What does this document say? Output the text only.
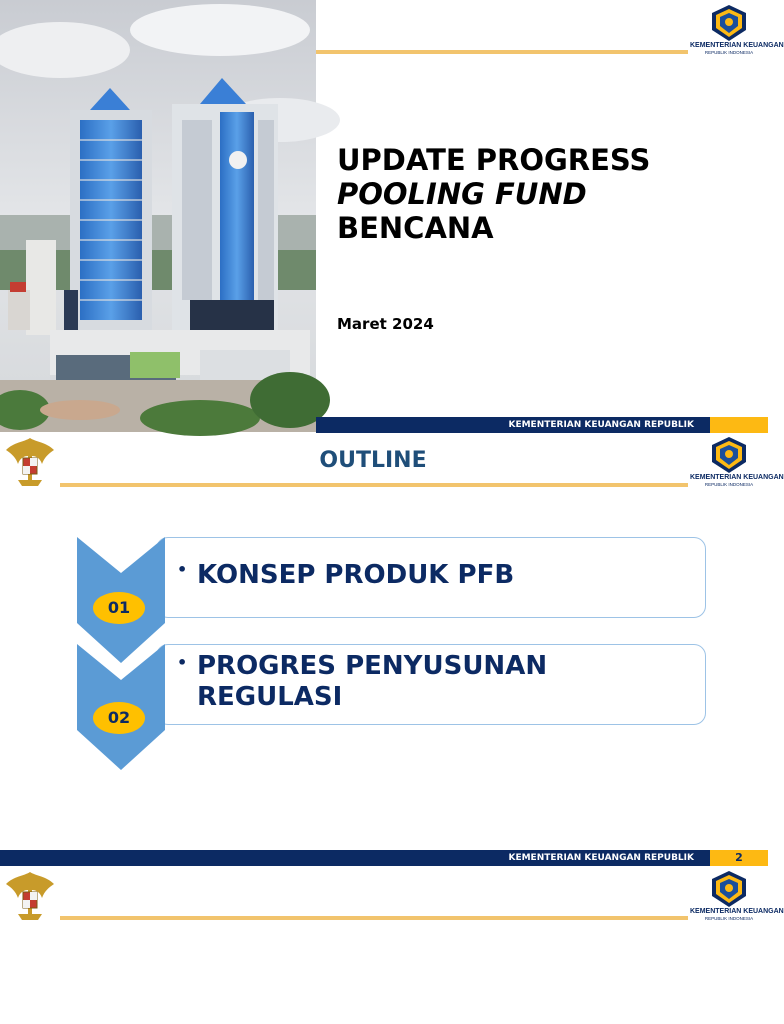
KEMENTERIAN KEUANGAN
REPUBLIK INDONESIA
UPDATE PROGRESS
POOLING FUND
BENCANA
Maret 2024
KEMENTERIAN KEUANGAN REPUBLIK
OUTLINE
KEMENTERIAN KEUANGAN
REPUBLIK INDONESIA
• KONSEP PRODUK PFB
01
• PROGRES PENYUSUNAN
REGULASI
02
KEMENTERIAN KEUANGAN REPUBLIK	2
KEMENTERIAN KEUANGAN
REPUBLIK INDONESIA
